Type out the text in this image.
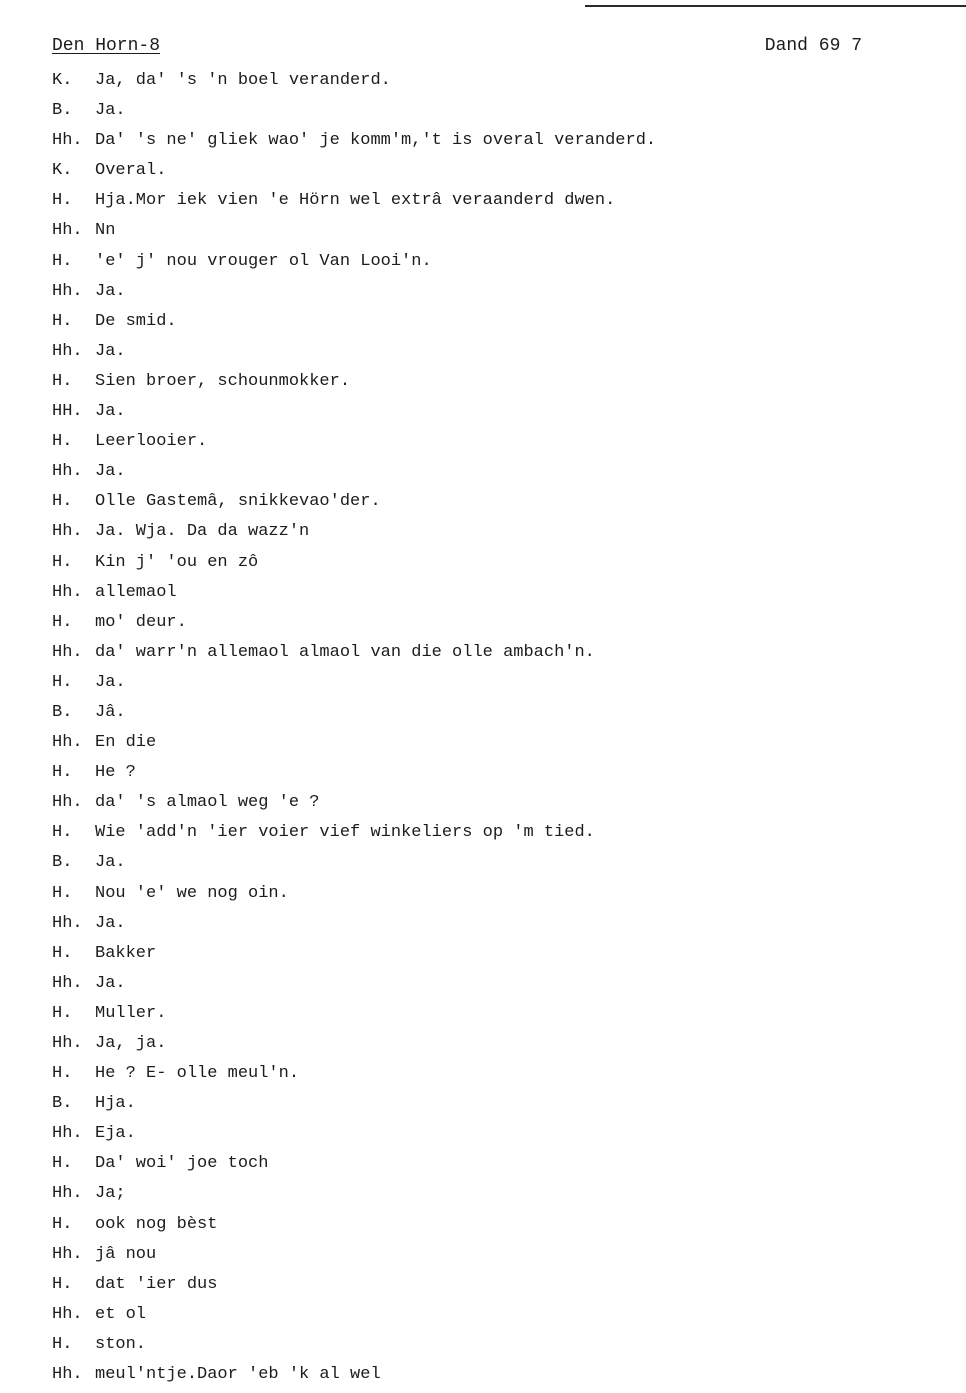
Den Horn-8	Dand 69 7
K. Ja, da' 's 'n boel veranderd.
B. Ja.
Hh. Da' 's ne' gliek wao' je komm'm,'t is overal veranderd.
K. Overal.
H. Hja.Mor iek vien 'e Hörn wel extrâ veraanderd dwen.
Hh. Nn
H. 'e' j' nou vrouger ol Van Looi'n.
Hh. Ja.
H. De smid.
Hh. Ja.
H. Sien broer, schounmokker.
HH. Ja.
H. Leerlooier.
Hh. Ja.
H. Olle Gastemâ, snikkevao'der.
Hh. Ja. Wja. Da da wazz'n
H. Kin j' 'ou en zô
Hh. allemaol
H. mo' deur.
Hh. da' warr'n allemaol almaol van die olle ambach'n.
H. Ja.
B. Jâ.
Hh. En die
H. He ?
Hh. da' 's almaol weg 'e ?
H. Wie 'add'n 'ier voier vief winkeliers op 'm tied.
B. Ja.
H. Nou 'e' we nog oin.
Hh. Ja.
H. Bakker
Hh. Ja.
H. Muller.
Hh. Ja, ja.
H. He ? E- olle meul'n.
B. Hja.
Hh. Eja.
H. Da' woi' joe toch
Hh. Ja;
H. ook nog bèst
Hh. jâ nou
H. dat 'ier dus
Hh. et ol
H. ston.
Hh. meul'ntje.Daor 'eb 'k al wel
